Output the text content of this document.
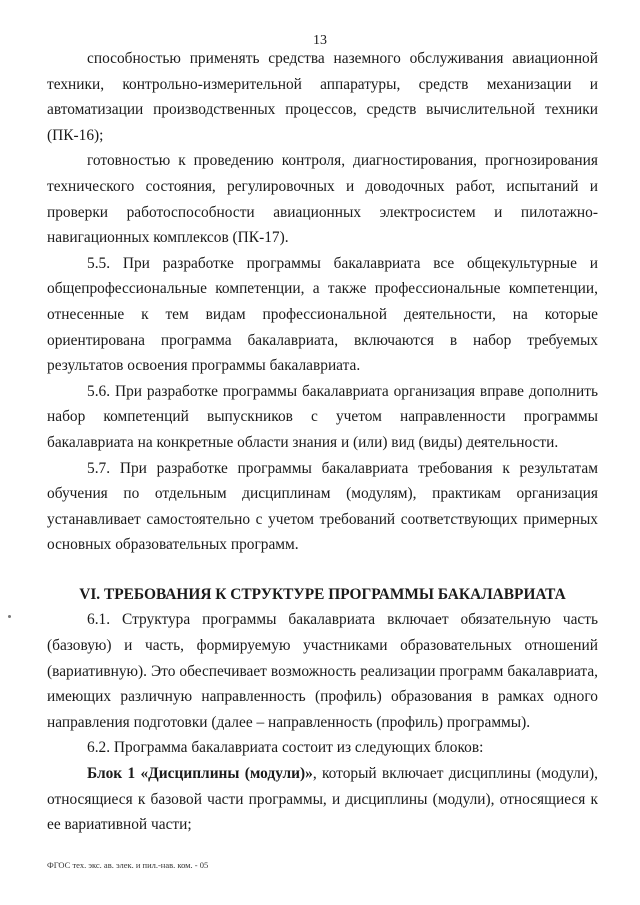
13

способностью применять средства наземного обслуживания авиационной техники, контрольно-измерительной аппаратуры, средств механизации и автоматизации производственных процессов, средств вычислительной техники (ПК-16);

готовностью к проведению контроля, диагностирования, прогнозирования технического состояния, регулировочных и доводочных работ, испытаний и проверки работоспособности авиационных электросистем и пилотажно-навигационных комплексов (ПК-17).

5.5. При разработке программы бакалавриата все общекультурные и общепрофессиональные компетенции, а также профессиональные компетенции, отнесенные к тем видам профессиональной деятельности, на которые ориентирована программа бакалавриата, включаются в набор требуемых результатов освоения программы бакалавриата.

5.6. При разработке программы бакалавриата организация вправе дополнить набор компетенций выпускников с учетом направленности программы бакалавриата на конкретные области знания и (или) вид (виды) деятельности.

5.7. При разработке программы бакалавриата требования к результатам обучения по отдельным дисциплинам (модулям), практикам организация устанавливает самостоятельно с учетом требований соответствующих примерных основных образовательных программ.

VI. ТРЕБОВАНИЯ К СТРУКТУРЕ ПРОГРАММЫ БАКАЛАВРИАТА

6.1. Структура программы бакалавриата включает обязательную часть (базовую) и часть, формируемую участниками образовательных отношений (вариативную). Это обеспечивает возможность реализации программ бакалавриата, имеющих различную направленность (профиль) образования в рамках одного направления подготовки (далее – направленность (профиль) программы).

6.2. Программа бакалавриата состоит из следующих блоков:

Блок 1 «Дисциплины (модули)», который включает дисциплины (модули), относящиеся к базовой части программы, и дисциплины (модули), относящиеся к ее вариативной части;

ФГОС тех. экс. ав. элек. и пил.-нав. ком. - 05
